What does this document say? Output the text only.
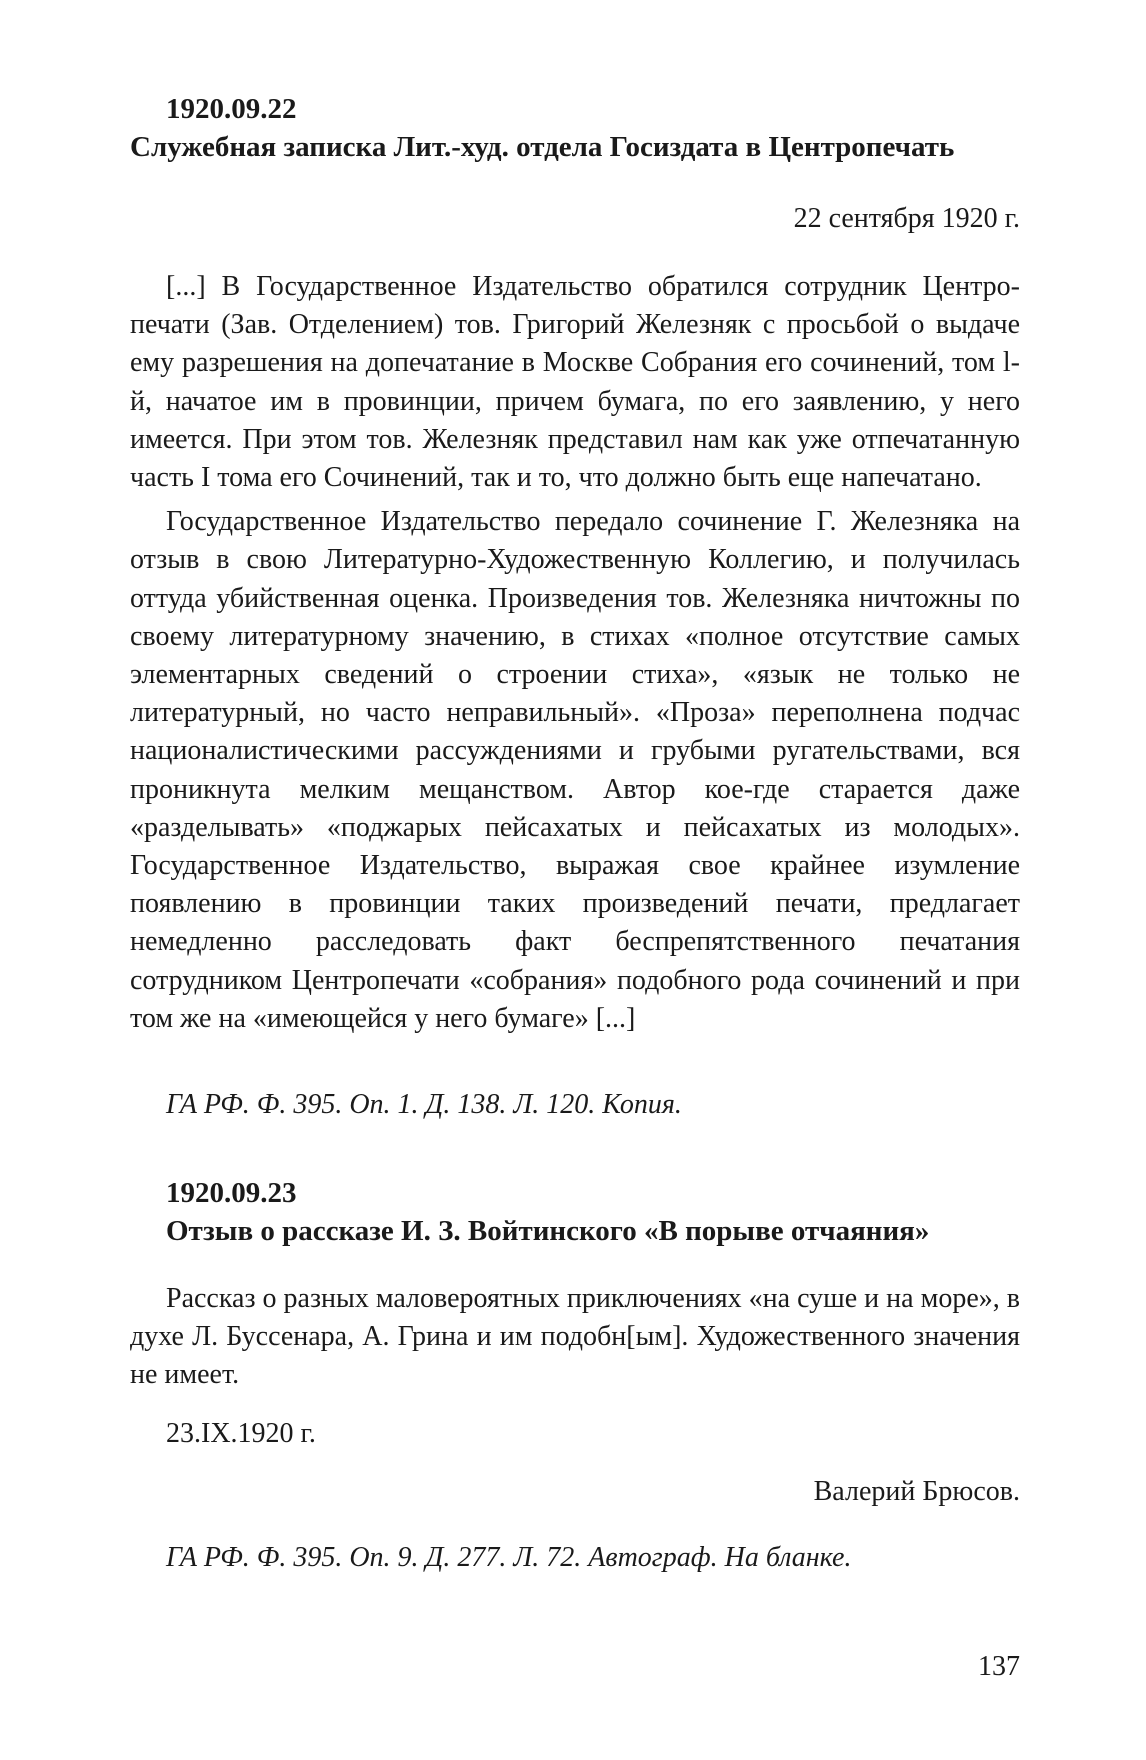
1920.09.22
Служебная записка Лит.-худ. отдела Госиздата в Центропечать
22 сентября 1920 г.

[...] В Государственное Издательство обратился сотрудник Центропечати (Зав. Отделением) тов. Григорий Железняк с просьбой о выдаче ему разрешения на допечатание в Москве Собрания его сочинений, том l-й, начатое им в провинции, причем бумага, по его заявлению, у него имеется. При этом тов. Железняк представил нам как уже отпечатанную часть I тома его Сочинений, так и то, что должно быть еще напечатано.

Государственное Издательство передало сочинение Г. Железняка на отзыв в свою Литературно-Художественную Коллегию, и получилась оттуда убийственная оценка. Произведения тов. Железняка ничтожны по своему литературному значению, в стихах «полное отсутствие самых элементарных сведений о строении стиха», «язык не только не литературный, но часто неправильный». «Проза» переполнена подчас националистическими рассуждениями и грубыми ругательствами, вся проникнута мелким мещанством. Автор кое-где старается даже «разделывать» «поджарых пейсахатых и пейсахатых из молодых». Государственное Издательство, выражая свое крайнее изумление появлению в провинции таких произведений печати, предлагает немедленно расследовать факт беспрепятственного печатания сотрудником Центропечати «собрания» подобного рода сочинений и при том же на «имеющейся у него бумаге» [...]

ГА РФ. Ф. 395. Оп. 1. Д. 138. Л. 120. Копия.
1920.09.23
Отзыв о рассказе И. З. Войтинского «В порыве отчаяния»

Рассказ о разных маловероятных приключениях «на суше и на море», в духе Л. Буссенара, А. Грина и им подобн[ым]. Художественного значения не имеет.

23.IX.1920 г.
Валерий Брюсов.
ГА РФ. Ф. 395. Оп. 9. Д. 277. Л. 72. Автограф. На бланке.
137
